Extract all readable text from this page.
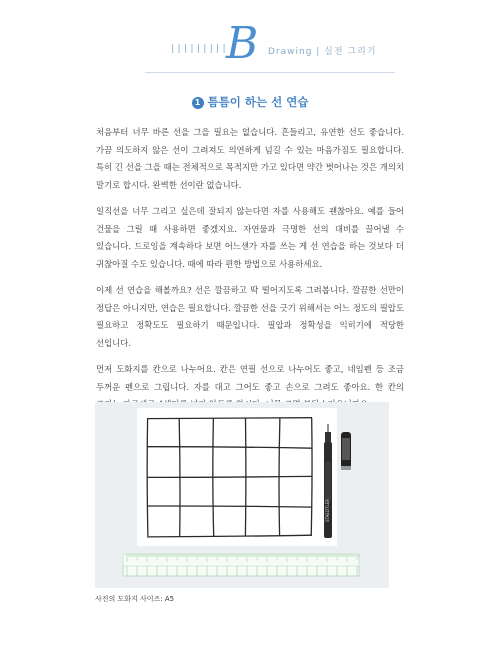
|||||||||
B Drawing | 실전 그리기
1 틈틈이 하는 선 연습
처음부터 너무 바른 선을 그을 필요는 없습니다. 흔들리고, 유연한 선도 좋습니다. 가끔 의도하지 않은 선이 그려져도 의연하게 넘길 수 있는 마음가짐도 필요합니다. 특히 긴 선을 그을 때는 전체적으로 목적지만 가고 있다면 약간 벗어나는 것은 개의치 말기로 합시다. 완벽한 선이란 없습니다.
일직선을 너무 그리고 싶은데 잘되지 않는다면 자를 사용해도 괜찮아요. 예를 들어 건물을 그릴 때 사용하면 좋겠지요. 자연물과 극명한 선의 대비를 끌어낼 수 있습니다. 드로잉을 계속하다 보면 어느샌가 자를 쓰는 게 선 연습을 하는 것보다 더 귀찮아질 수도 있습니다. 때에 따라 편한 방법으로 사용하세요.
이제 선 연습을 해볼까요? 선은 깔끔하고 딱 떨어지도록 그려봅니다. 깔끔한 선만이 정답은 아니지만, 연습은 필요합니다. 깔끔한 선을 긋기 위해서는 어느 정도의 필압도 필요하고 정확도도 필요하기 때문입니다. 필압과 정확성을 익히기에 적당한 선입니다.
먼저 도화지를 칸으로 나누어요. 칸은 연필 선으로 나누어도 좋고, 네임펜 등 조금 두꺼운 펜으로 그립니다. 자를 대고 그어도 좋고 손으로 그려도 좋아요. 한 칸의
STAEDTLER
사진의 도화지 사이즈: A5
